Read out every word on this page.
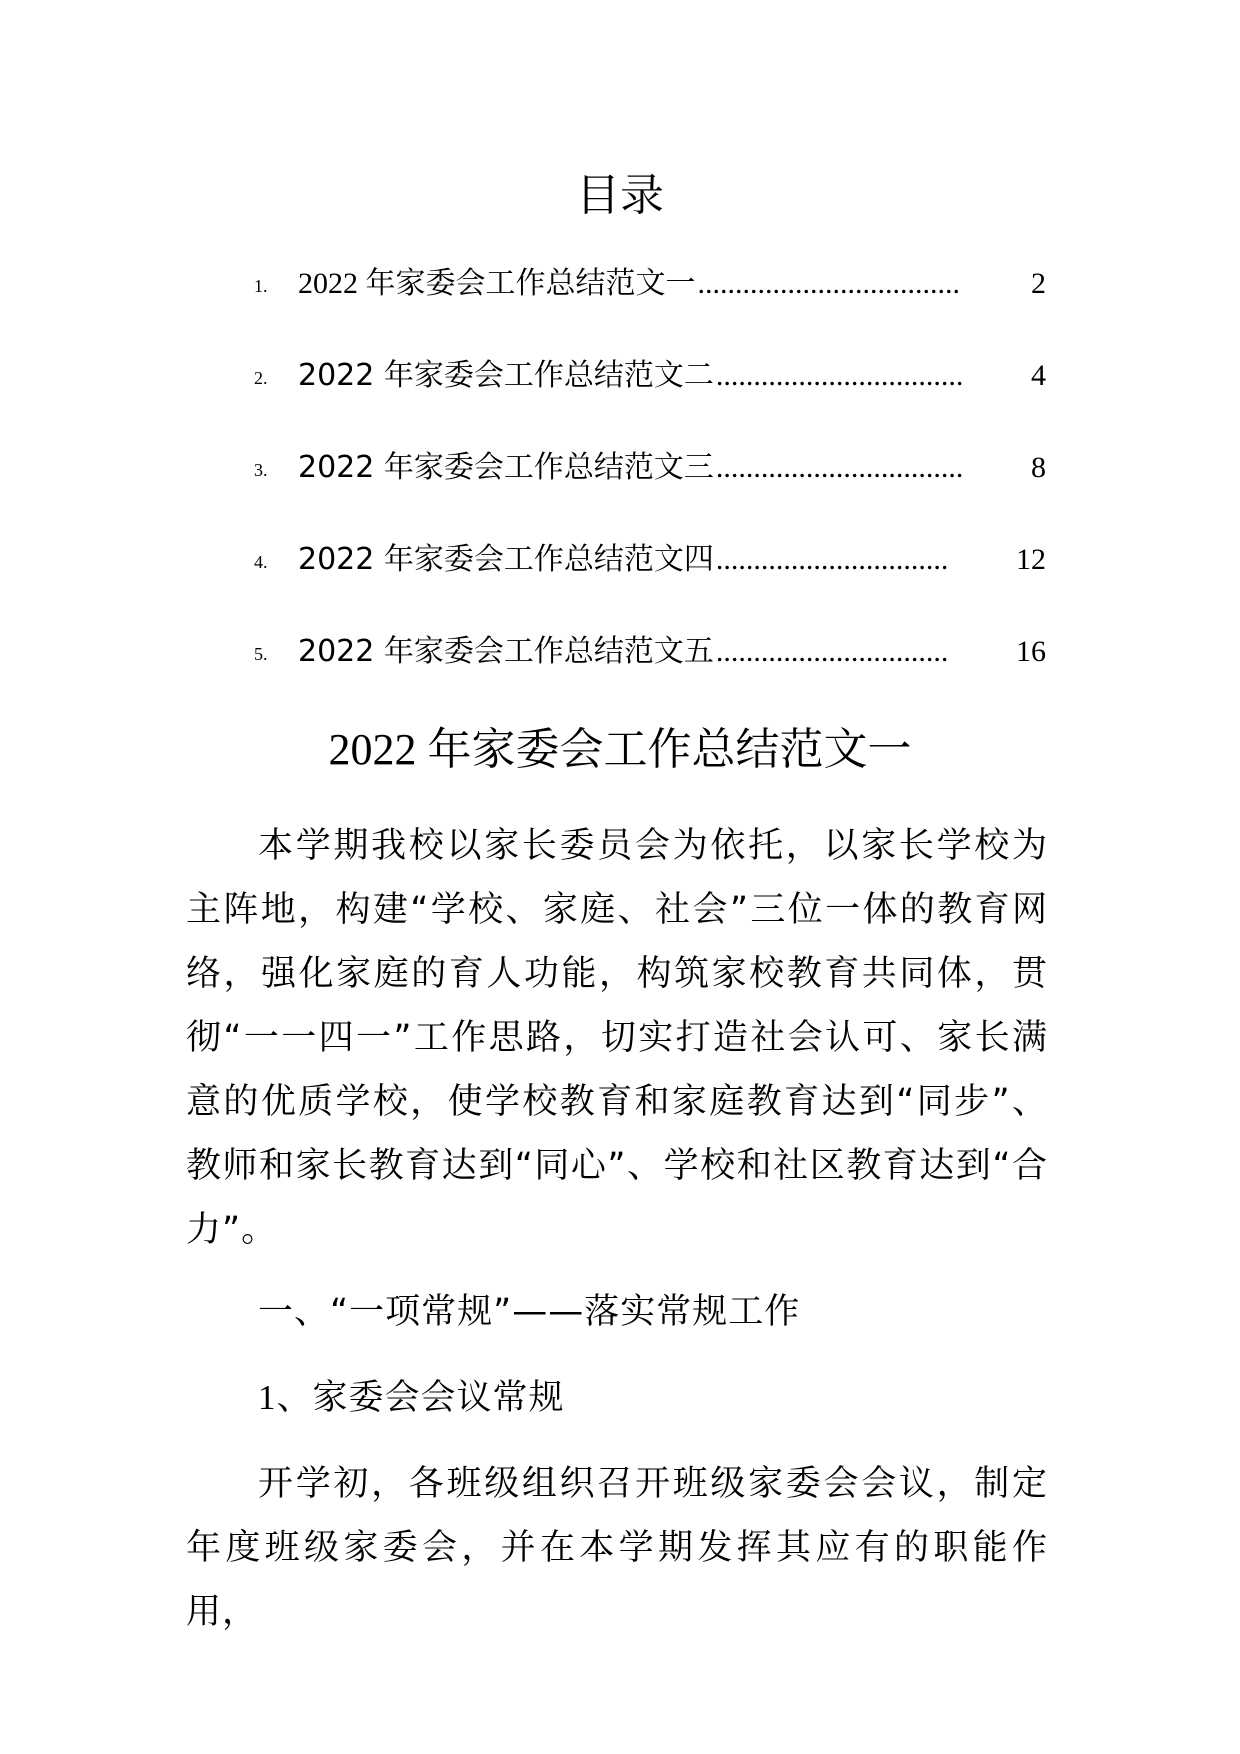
目录
1.	2022 年家委会工作总结范文一 ...................................	2
2.	2022 年家委会工作总结范文二 .................................	4
3.	2022 年家委会工作总结范文三 .................................	8
4.	2022 年家委会工作总结范文四 ...............................	12
5.	2022 年家委会工作总结范文五 ...............................	16
2022 年家委会工作总结范文一

本学期我校以家长委员会为依托，以家长学校为主阵地，构建“学校、家庭、社会”三位一体的教育网络，强化家庭的育人功能，构筑家校教育共同体，贯彻“一一四一”工作思路，切实打造社会认可、家长满意的优质学校，使学校教育和家庭教育达到“同步”、教师和家长教育达到“同心”、学校和社区教育达到“合力”。

一、“一项常规”——落实常规工作

1、家委会会议常规

开学初，各班级组织召开班级家委会会议，制定年度班级家委会，并在本学期发挥其应有的职能作用，
